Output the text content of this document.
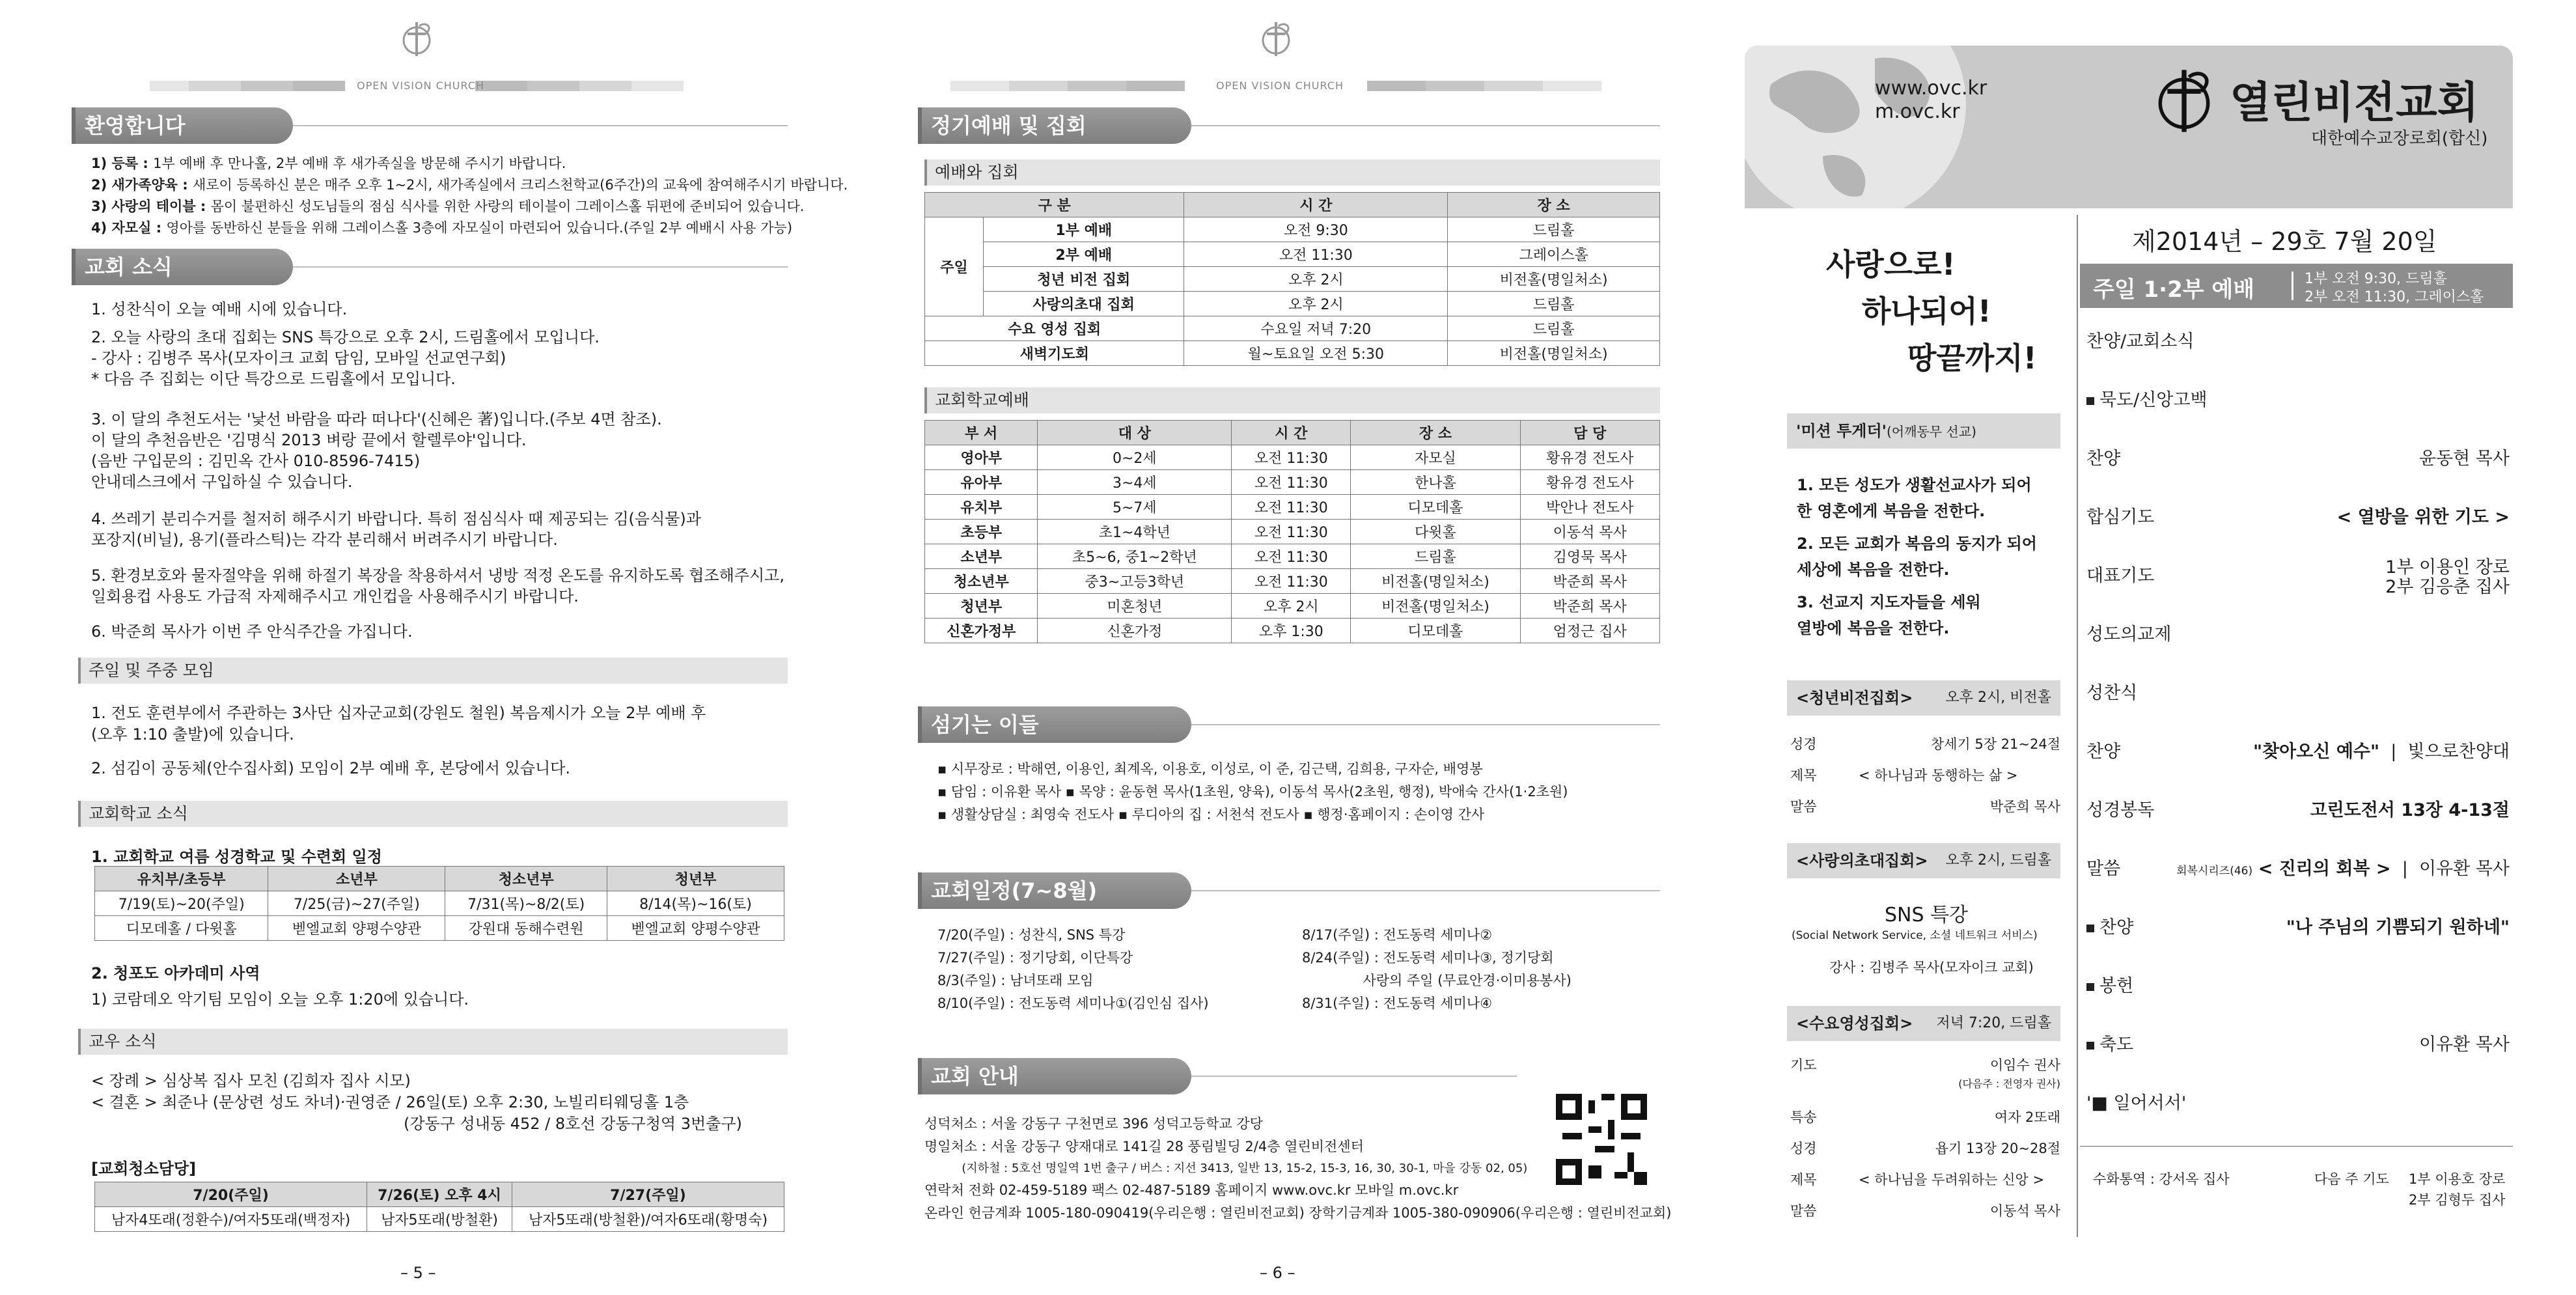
OPEN VISION CHURCH
환영합니다
1) 등록 : 1부 예배 후 만나홀, 2부 예배 후 새가족실을 방문해 주시기 바랍니다.
2) 새가족양육 : 새로이 등록하신 분은 매주 오후 1~2시, 새가족실에서 크리스천학교(6주간)의 교육에 참여해주시기 바랍니다.
3) 사랑의 테이블 : 몸이 불편하신 성도님들의 점심 식사를 위한 사랑의 테이블이 그레이스홀 뒤편에 준비되어 있습니다.
4) 자모실 : 영아를 동반하신 분들을 위해 그레이스홀 3층에 자모실이 마련되어 있습니다.(주일 2부 예배시 사용 가능)
교회 소식
1. 성찬식이 오늘 예배 시에 있습니다.
2. 오늘 사랑의 초대 집회는 SNS 특강으로 오후 2시, 드림홀에서 모입니다.
- 강사 : 김병주 목사(모자이크 교회 담임, 모바일 선교연구회)
* 다음 주 집회는 이단 특강으로 드림홀에서 모입니다.
3. 이 달의 추천도서는 '낯선 바람을 따라 떠나다'(신혜은 著)입니다.(주보 4면 참조).
이 달의 추천음반은 '김명식 2013 벼랑 끝에서 할렐루야'입니다.
(음반 구입문의 : 김민옥 간사 010-8596-7415)
안내데스크에서 구입하실 수 있습니다.
4. 쓰레기 분리수거를 철저히 해주시기 바랍니다. 특히 점심식사 때 제공되는 김(음식물)과
포장지(비닐), 용기(플라스틱)는 각각 분리해서 버려주시기 바랍니다.
5. 환경보호와 물자절약을 위해 하절기 복장을 착용하셔서 냉방 적정 온도를 유지하도록 협조해주시고,
일회용컵 사용도 가급적 자제해주시고 개인컵을 사용해주시기 바랍니다.
6. 박준희 목사가 이번 주 안식주간을 가집니다.
주일 및 주중 모임
1. 전도 훈련부에서 주관하는 3사단 십자군교회(강원도 철원) 복음제시가 오늘 2부 예배 후
(오후 1:10 출발)에 있습니다.
2. 섬김이 공동체(안수집사회) 모임이 2부 예배 후, 본당에서 있습니다.
교회학교 소식
1. 교회학교 여름 성경학교 및 수련회 일정
유치부/초등부	소년부	청소년부	청년부
7/19(토)~20(주일)	7/25(금)~27(주일)	7/31(목)~8/2(토)	8/14(목)~16(토)
디모데홀 / 다윗홀	벧엘교회 양평수양관	강원대 동해수련원	벧엘교회 양평수양관
2. 청포도 아카데미 사역
1) 코람데오 악기팀 모임이 오늘 오후 1:20에 있습니다.
교우 소식
< 장례 > 심상복 집사 모친 (김희자 집사 시모)
< 결혼 > 최준나 (문상련 성도 차녀)·권영준 / 26일(토) 오후 2:30, 노빌리티웨딩홀 1층
(강동구 성내동 452 / 8호선 강동구청역 3번출구)
[교회청소담당]
7/20(주일)	7/26(토) 오후 4시	7/27(주일)
남자4또래(정환수)/여자5또래(백정자)	남자5또래(방철환)	남자5또래(방철환)/여자6또래(황명숙)
– 5 –
OPEN VISION CHURCH
정기예배 및 집회
예배와 집회
구 분		시 간	장 소
주일	1부 예배	오전 9:30	드림홀
	2부 예배	오전 11:30	그레이스홀
	청년 비전 집회	오후 2시	비전홀(명일처소)
	사랑의초대 집회	오후 2시	드림홀
수요 영성 집회		수요일 저녁 7:20	드림홀
새벽기도회		월~토요일 오전 5:30	비전홀(명일처소)
교회학교예배
부 서	대 상	시 간	장 소	담 당
영아부	0~2세	오전 11:30	자모실	황유경 전도사
유아부	3~4세	오전 11:30	한나홀	황유경 전도사
유치부	5~7세	오전 11:30	디모데홀	박안나 전도사
초등부	초1~4학년	오전 11:30	다윗홀	이동석 목사
소년부	초5~6, 중1~2학년	오전 11:30	드림홀	김영묵 목사
청소년부	중3~고등3학년	오전 11:30	비전홀(명일처소)	박준희 목사
청년부	미혼청년	오후 2시	비전홀(명일처소)	박준희 목사
신혼가정부	신혼가정	오후 1:30	디모데홀	엄정근 집사
섬기는 이들
▪ 시무장로 : 박해연, 이용인, 최계옥, 이용호, 이성로, 이 준, 김근택, 김희용, 구자순, 배영봉
▪ 담임 : 이유환 목사 ▪ 목양 : 윤동현 목사(1초원, 양육), 이동석 목사(2초원, 행정), 박애숙 간사(1·2초원)
▪ 생활상담실 : 최영숙 전도사 ▪ 루디아의 집 : 서천석 전도사 ▪ 행정·홈페이지 : 손이영 간사
교회일정(7~8월)
7/20(주일) : 성찬식, SNS 특강
7/27(주일) : 정기당회, 이단특강
8/3(주일) : 남녀또래 모임
8/10(주일) : 전도동력 세미나①(김인심 집사)
8/17(주일) : 전도동력 세미나②
8/24(주일) : 전도동력 세미나③, 정기당회
사랑의 주일 (무료안경·이미용봉사)
8/31(주일) : 전도동력 세미나④
교회 안내
성덕처소 : 서울 강동구 구천면로 396 성덕고등학교 강당
명일처소 : 서울 강동구 양재대로 141길 28 풍림빌딩 2/4층 열린비전센터
(지하철 : 5호선 명일역 1번 출구 / 버스 : 지선 3413, 일반 13, 15-2, 15-3, 16, 30, 30-1, 마을 강동 02, 05)
연락처 전화 02-459-5189 팩스 02-487-5189 홈페이지 www.ovc.kr 모바일 m.ovc.kr
온라인 헌금계좌 1005-180-090419(우리은행 : 열린비전교회) 장학기금계좌 1005-380-090906(우리은행 : 열린비전교회)
– 6 –
www.ovc.kr
m.ovc.kr	열린비전교회
대한예수교장로회(합신)
사랑으로!
하나되어!
땅끝까지!
'미션 투게더'(어깨동무 선교)
1. 모든 성도가 생활선교사가 되어
한 영혼에게 복음을 전한다.
2. 모든 교회가 복음의 동지가 되어
세상에 복음을 전한다.
3. 선교지 지도자들을 세워
열방에 복음을 전한다.
<청년비전집회> 오후 2시, 비전홀
성경	창세기 5장 21~24절
제목	< 하나님과 동행하는 삶 >
말씀	박준희 목사
<사랑의초대집회> 오후 2시, 드림홀
SNS 특강
(Social Network Service, 소셜 네트워크 서비스)
강사 : 김병주 목사(모자이크 교회)
<수요영성집회> 저녁 7:20, 드림홀
기도	이임수 권사
(다음주 : 전영자 권사)
특송	여자 2또래
성경	욥기 13장 20~28절
제목	< 하나님을 두려워하는 신앙 >
말씀	이동석 목사
제2014년 – 29호 7월 20일
주일 1·2부 예배	1부 오전 9:30, 드림홀
2부 오전 11:30, 그레이스홀
찬양/교회소식
묵도/신앙고백
찬양	윤동현 목사
합심기도	< 열방을 위한 기도 >
대표기도	1부 이용인 장로
2부 김응춘 집사
성도의교제
성찬식
찬양	"찾아오신 예수"  |  빛으로찬양대
성경봉독	고린도전서 13장 4-13절
말씀	회복시리즈(46) < 진리의 회복 >  |  이유환 목사
찬양	"나 주님의 기쁨되기 원하네"
봉헌
축도	이유환 목사
'■ 일어서서'
수화통역 : 강서옥 집사	다음 주 기도 1부 이용호 장로
2부 김형두 집사
